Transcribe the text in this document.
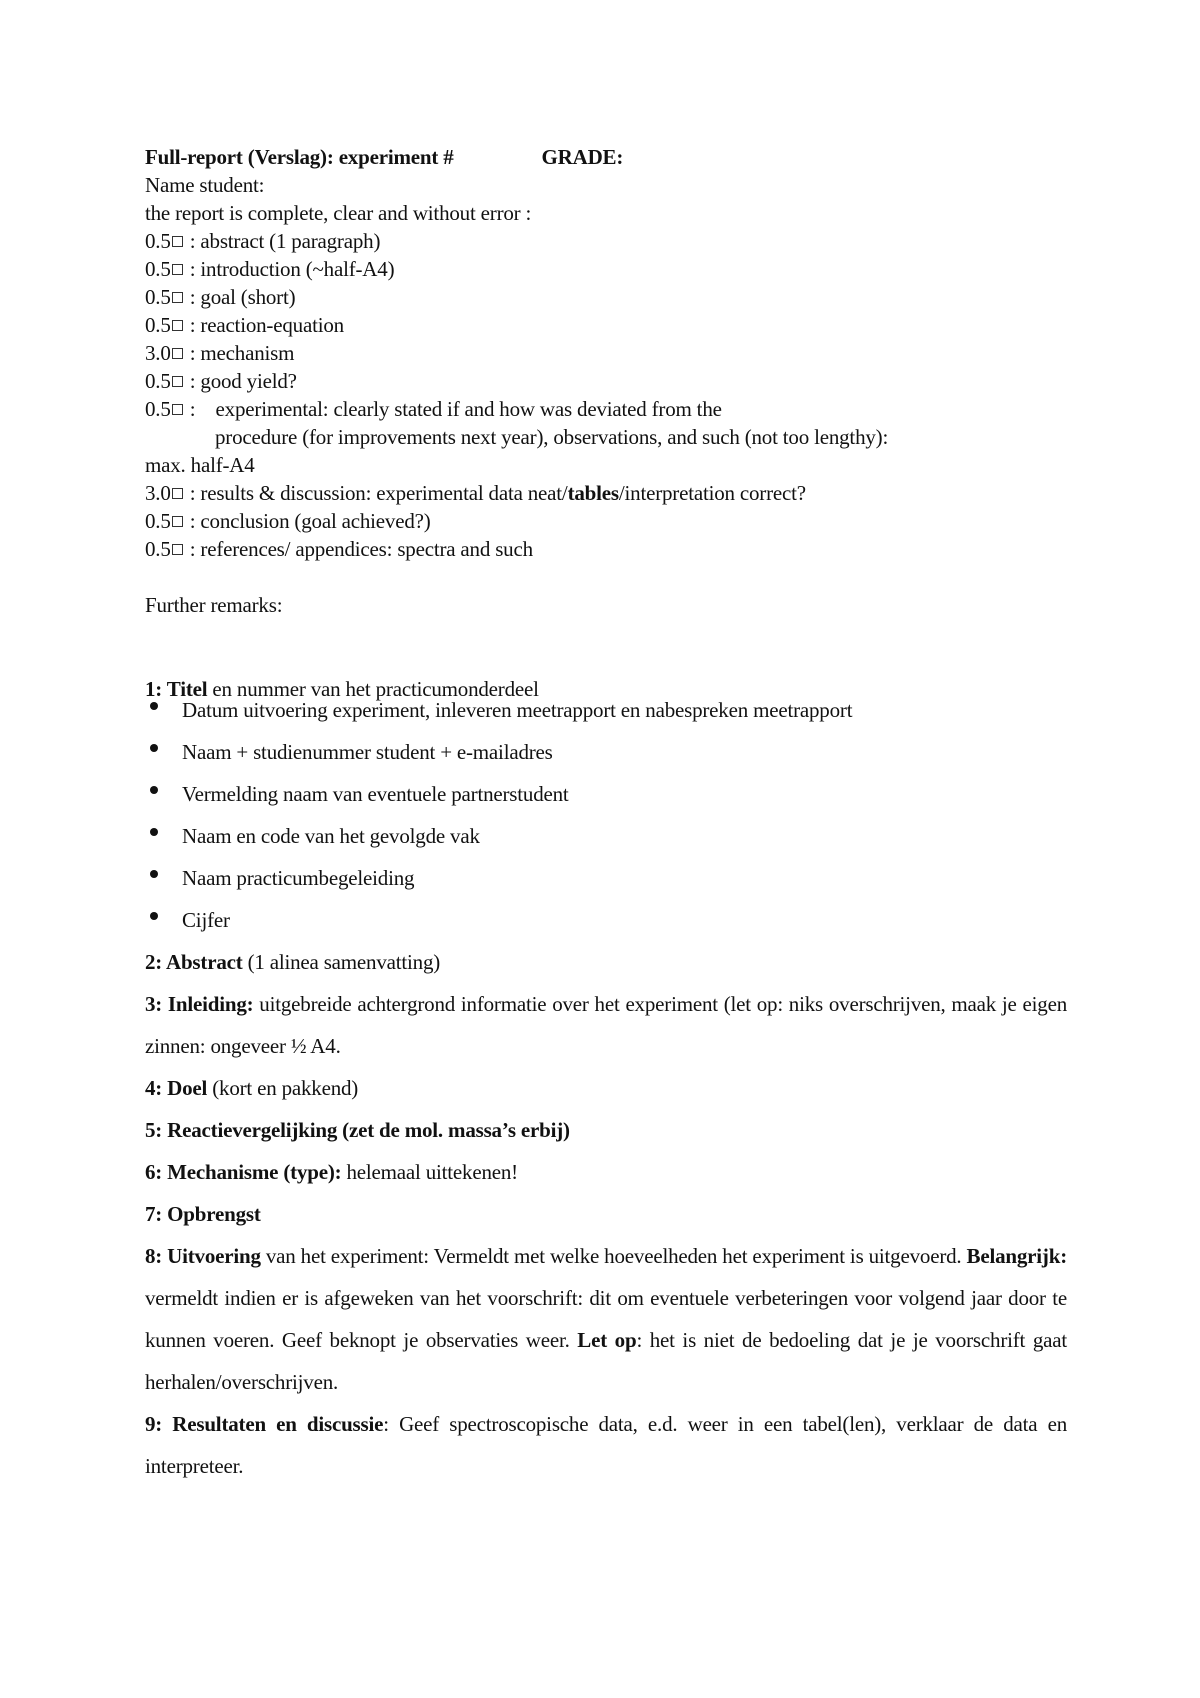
Full-report (Verslag): experiment #	GRADE:
Name student:
the report is complete, clear and without error :
0.5 : abstract (1 paragraph)
0.5 : introduction (~half-A4)
0.5 : goal (short)
0.5 : reaction-equation
3.0 : mechanism
0.5 : good yield?
0.5 :    experimental: clearly stated if and how was deviated from the
procedure (for improvements next year), observations, and such (not too lengthy):
max. half-A4
3.0 : results & discussion: experimental data neat/tables/interpretation correct?
0.5 : conclusion (goal achieved?)
0.5 : references/ appendices: spectra and such
Further remarks:
1: Titel en nummer van het practicumonderdeel
Datum uitvoering experiment, inleveren meetrapport en nabespreken meetrapport
Naam + studienummer student + e-mailadres
Vermelding naam van eventuele partnerstudent
Naam en code van het gevolgde vak
Naam practicumbegeleiding
Cijfer
2: Abstract (1 alinea samenvatting)
3: Inleiding: uitgebreide achtergrond informatie over het experiment (let op: niks overschrijven, maak je eigen zinnen: ongeveer ½ A4.
4: Doel (kort en pakkend)
5: Reactievergelijking (zet de mol. massa’s erbij)
6: Mechanisme (type): helemaal uittekenen!
7: Opbrengst
8: Uitvoering van het experiment: Vermeldt met welke hoeveelheden het experiment is uitgevoerd. Belangrijk: vermeldt indien er is afgeweken van het voorschrift: dit om eventuele verbeteringen voor volgend jaar door te kunnen voeren. Geef beknopt je observaties weer. Let op: het is niet de bedoeling dat je je voorschrift gaat herhalen/overschrijven.
9: Resultaten en discussie: Geef spectroscopische data, e.d. weer in een tabel(len), verklaar de data en interpreteer.
